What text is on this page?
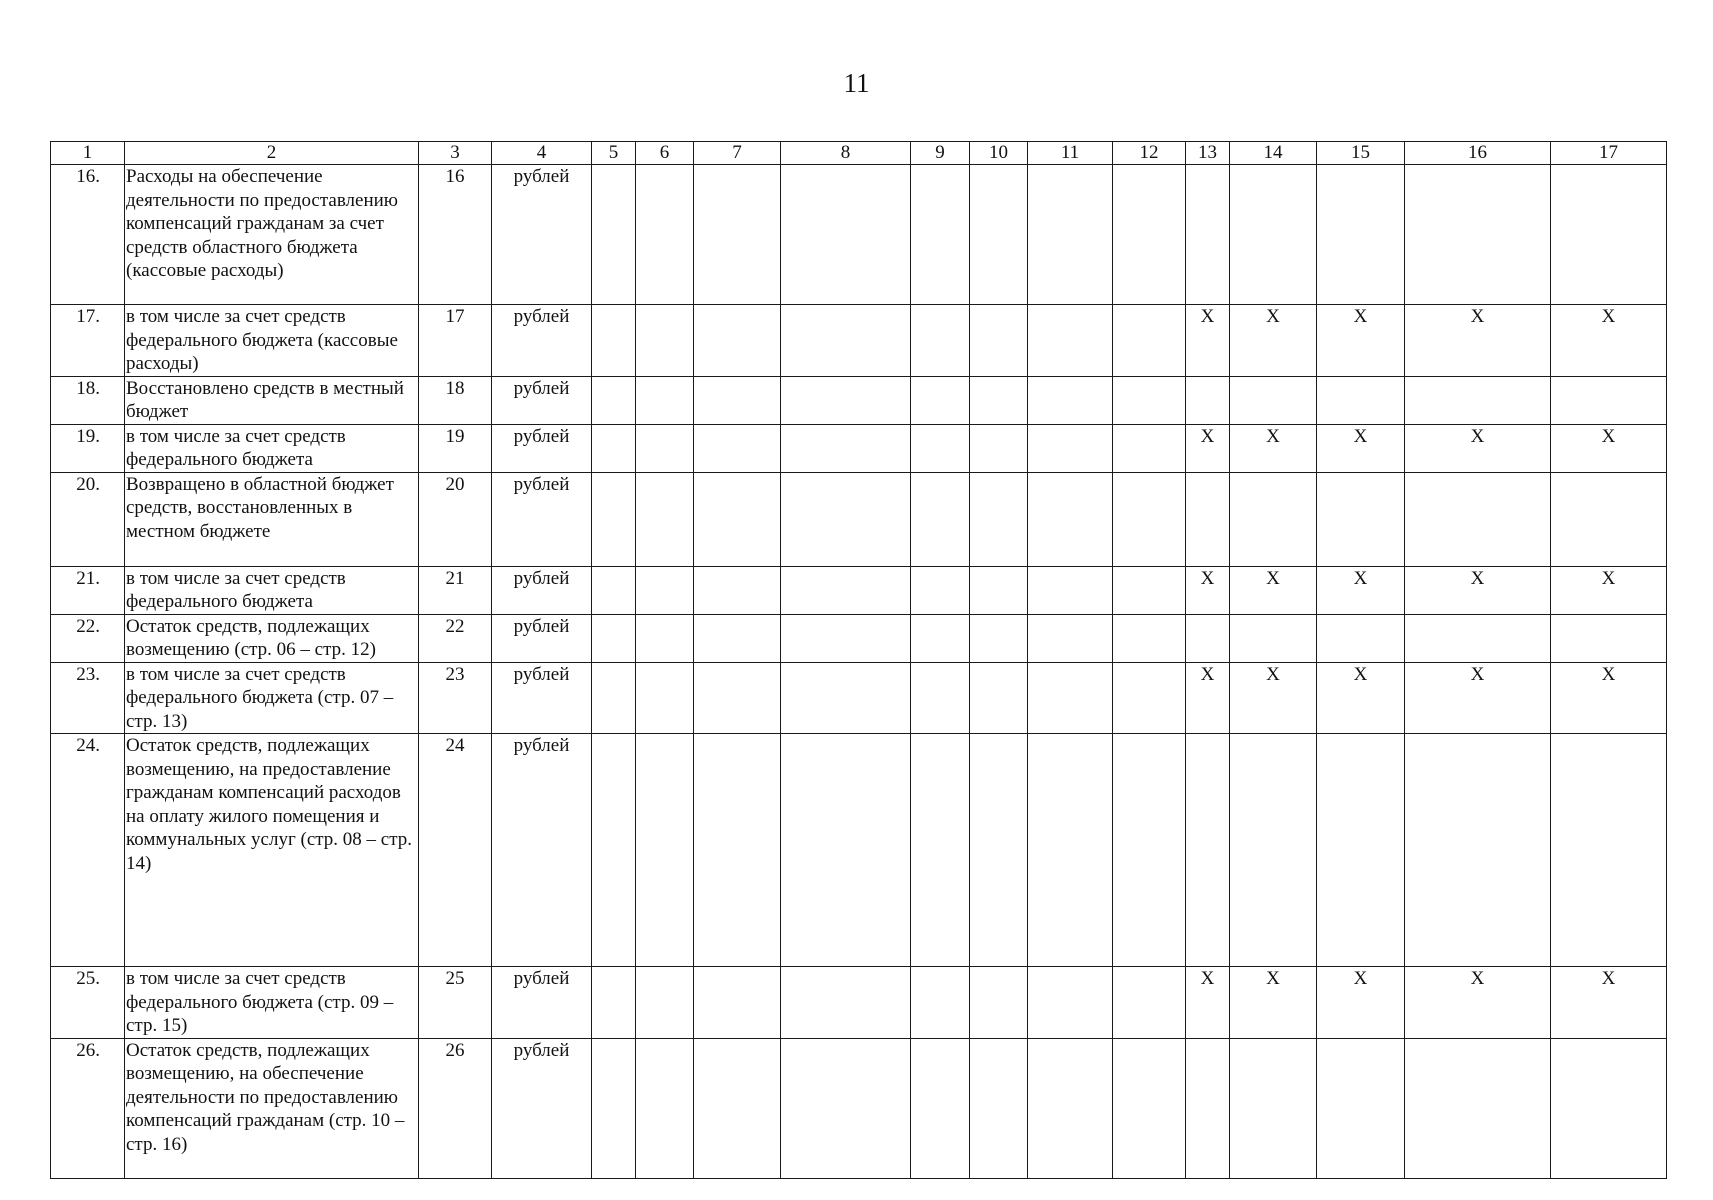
11
1	2	3	4	5	6	7	8	9	10	11	12	13	14	15	16	17
16.	Расходы на обеспечение деятельности по предоставлению компенсаций гражданам за счет средств областного бюджета (кассовые расходы)	16	рублей													
17.	в том числе за счет средств федерального бюджета (кассовые расходы)	17	рублей									X	X	X	X	X
18.	Восстановлено средств в местный бюджет	18	рублей													
19.	в том числе за счет средств федерального бюджета	19	рублей									X	X	X	X	X
20.	Возвращено в областной бюджет средств, восстановленных в местном бюджете	20	рублей													
21.	в том числе за счет средств федерального бюджета	21	рублей									X	X	X	X	X
22.	Остаток средств, подлежащих возмещению (стр. 06 – стр. 12)	22	рублей													
23.	в том числе за счет средств федерального бюджета (стр. 07 – стр. 13)	23	рублей									X	X	X	X	X
24.	Остаток средств, подлежащих возмещению, на предоставление гражданам компенсаций расходов на оплату жилого помещения и коммунальных услуг (стр. 08 – стр. 14)	24	рублей													
25.	в том числе за счет средств федерального бюджета (стр. 09 – стр. 15)	25	рублей									X	X	X	X	X
26.	Остаток средств, подлежащих возмещению, на обеспечение деятельности по предоставлению компенсаций гражданам (стр. 10 – стр. 16)	26	рублей													
